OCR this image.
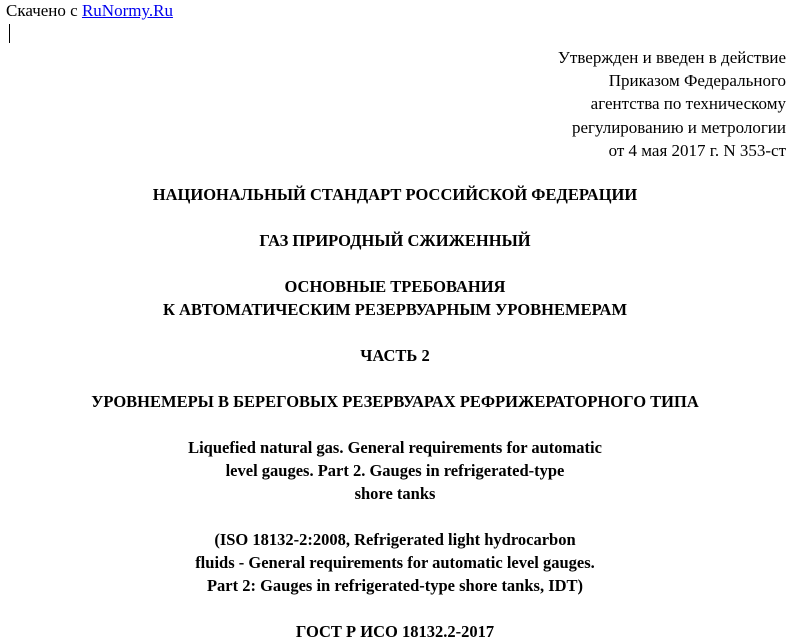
Скачено с RuNormy.Ru
Утвержден и введен в действие
Приказом Федерального
агентства по техническому
регулированию и метрологии
от 4 мая 2017 г. N 353-ст
НАЦИОНАЛЬНЫЙ СТАНДАРТ РОССИЙСКОЙ ФЕДЕРАЦИИ
ГАЗ ПРИРОДНЫЙ СЖИЖЕННЫЙ
ОСНОВНЫЕ ТРЕБОВАНИЯ
К АВТОМАТИЧЕСКИМ РЕЗЕРВУАРНЫМ УРОВНЕМЕРАМ
ЧАСТЬ 2
УРОВНЕМЕРЫ В БЕРЕГОВЫХ РЕЗЕРВУАРАХ РЕФРИЖЕРАТОРНОГО ТИПА
Liquefied natural gas. General requirements for automatic
level gauges. Part 2. Gauges in refrigerated-type
shore tanks
(ISO 18132-2:2008, Refrigerated light hydrocarbon
fluids - General requirements for automatic level gauges.
Part 2: Gauges in refrigerated-type shore tanks, IDT)
ГОСТ Р ИСО 18132.2-2017
